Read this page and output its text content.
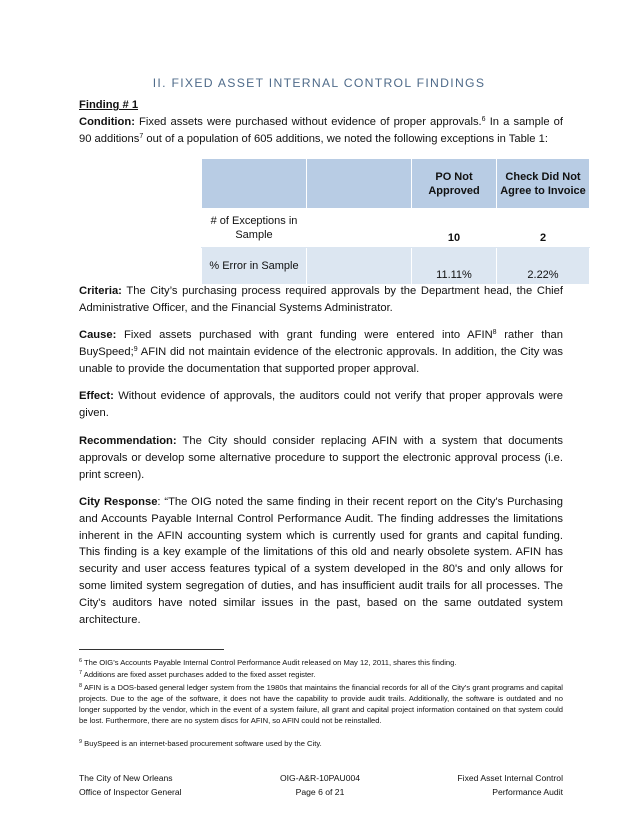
II. FIXED ASSET INTERNAL CONTROL FINDINGS
Finding # 1
Condition: Fixed assets were purchased without evidence of proper approvals.$^6$ In a sample of 90 additions$^7$ out of a population of 605 additions, we noted the following exceptions in Table 1:
		PO Not Approved	Check Did Not Agree to Invoice
# of Exceptions in Sample		10	2
% Error in Sample		11.11%	2.22%
Criteria: The City’s purchasing process required approvals by the Department head, the Chief Administrative Officer, and the Financial Systems Administrator.
Cause: Fixed assets purchased with grant funding were entered into AFIN$^8$ rather than BuySpeed;$^9$ AFIN did not maintain evidence of the electronic approvals. In addition, the City was unable to provide the documentation that supported proper approval.
Effect: Without evidence of approvals, the auditors could not verify that proper approvals were given.
Recommendation: The City should consider replacing AFIN with a system that documents approvals or develop some alternative procedure to support the electronic approval process (i.e. print screen).
City Response: “The OIG noted the same finding in their recent report on the City's Purchasing and Accounts Payable Internal Control Performance Audit. The finding addresses the limitations inherent in the AFIN accounting system which is currently used for grants and capital funding. This finding is a key example of the limitations of this old and nearly obsolete system. AFIN has security and user access features typical of a system developed in the 80's and only allows for some limited system segregation of duties, and has insufficient audit trails for all processes. The City's auditors have noted similar issues in the past, based on the same outdated system architecture.
$^6$ The OIG’s Accounts Payable Internal Control Performance Audit released on May 12, 2011, shares this finding.
$^7$ Additions are fixed asset purchases added to the fixed asset register.
$^8$ AFIN is a DOS-based general ledger system from the 1980s that maintains the financial records for all of the City’s grant programs and capital projects. Due to the age of the software, it does not have the capability to provide audit trails. Additionally, the software is outdated and no longer supported by the vendor, which in the event of a system failure, all grant and capital project information contained on that system could be lost. Furthermore, there are no system discs for AFIN, so AFIN could not be reinstalled.
$^9$ BuySpeed is an internet-based procurement software used by the City.
The City of New Orleans
Office of Inspector General
OIG-A&R-10PAU004
Page 6 of 21
Fixed Asset Internal Control
Performance Audit
